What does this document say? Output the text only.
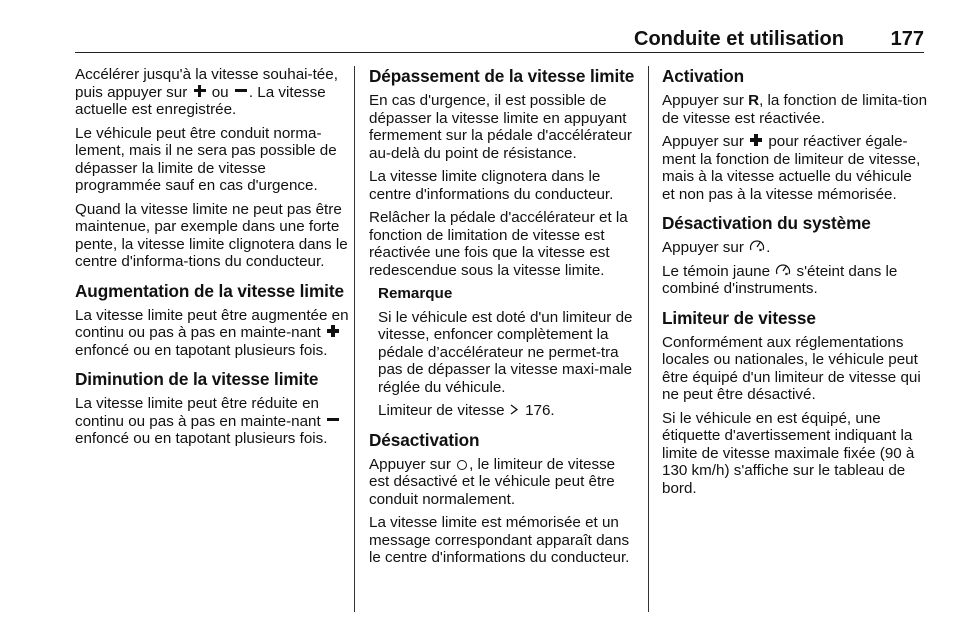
Conduite et utilisation 177

Accélérer jusqu'à la vitesse souhai-tée, puis appuyer sur  ou . La vitesse actuelle est enregistrée.

Le véhicule peut être conduit norma-lement, mais il ne sera pas possible de dépasser la limite de vitesse programmée sauf en cas d'urgence.

Quand la vitesse limite ne peut pas être maintenue, par exemple dans une forte pente, la vitesse limite clignotera dans le centre d'informa-tions du conducteur.

Augmentation de la vitesse limite

La vitesse limite peut être augmentée en continu ou pas à pas en mainte-nant  enfoncé ou en tapotant plusieurs fois.

Diminution de la vitesse limite

La vitesse limite peut être réduite en continu ou pas à pas en mainte-nant  enfoncé ou en tapotant plusieurs fois.

Dépassement de la vitesse limite

En cas d'urgence, il est possible de dépasser la vitesse limite en appuyant fermement sur la pédale d'accélérateur au-delà du point de résistance.

La vitesse limite clignotera dans le centre d'informations du conducteur.

Relâcher la pédale d'accélérateur et la fonction de limitation de vitesse est réactivée une fois que la vitesse est redescendue sous la vitesse limite.

Remarque

Si le véhicule est doté d'un limiteur de vitesse, enfoncer complètement la pédale d’accélérateur ne permet-tra pas de dépasser la vitesse maxi-male réglée du véhicule.

Limiteur de vitesse
176.

Désactivation

Appuyer sur , le limiteur de vitesse est désactivé et le véhicule peut être conduit normalement.

La vitesse limite est mémorisée et un message correspondant apparaît dans le centre d'informations du conducteur.

Activation

Appuyer sur R, la fonction de limita-tion de vitesse est réactivée.

Appuyer sur  pour réactiver égale-ment la fonction de limiteur de vitesse, mais à la vitesse actuelle du véhicule et non pas à la vitesse mémorisée.

Désactivation du système

Appuyer sur
.

Le témoin jaune
s'éteint dans le combiné d'instruments.

Limiteur de vitesse

Conformément aux réglementations locales ou nationales, le véhicule peut être équipé d'un limiteur de vitesse qui ne peut être désactivé.

Si le véhicule en est équipé, une étiquette d'avertissement indiquant la limite de vitesse maximale fixée (90 à 130 km/h) s'affiche sur le tableau de bord.
